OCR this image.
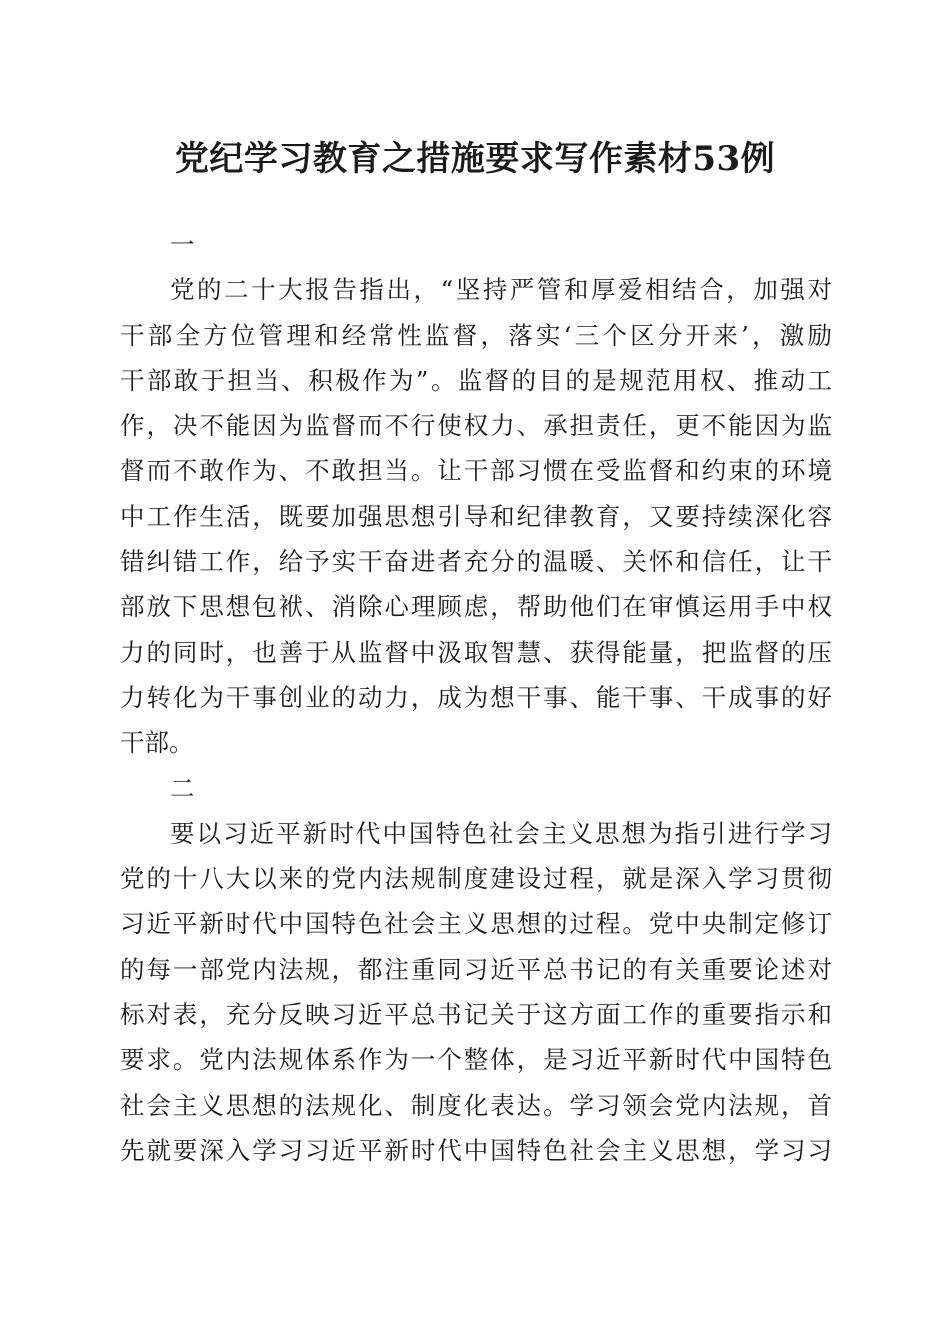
党纪学习教育之措施要求写作素材53例
一
党的二十大报告指出，“坚持严管和厚爱相结合，加强对
干部全方位管理和经常性监督，落实‘三个区分开来’，激励
干部敢于担当、积极作为”。监督的目的是规范用权、推动工
作，决不能因为监督而不行使权力、承担责任，更不能因为监
督而不敢作为、不敢担当。让干部习惯在受监督和约束的环境
中工作生活，既要加强思想引导和纪律教育，又要持续深化容
错纠错工作，给予实干奋进者充分的温暖、关怀和信任，让干
部放下思想包袱、消除心理顾虑，帮助他们在审慎运用手中权
力的同时，也善于从监督中汲取智慧、获得能量，把监督的压
力转化为干事创业的动力，成为想干事、能干事、干成事的好
干部。
二
要以习近平新时代中国特色社会主义思想为指引进行学习
党的十八大以来的党内法规制度建设过程，就是深入学习贯彻
习近平新时代中国特色社会主义思想的过程。党中央制定修订
的每一部党内法规，都注重同习近平总书记的有关重要论述对
标对表，充分反映习近平总书记关于这方面工作的重要指示和
要求。党内法规体系作为一个整体，是习近平新时代中国特色
社会主义思想的法规化、制度化表达。学习领会党内法规，首
先就要深入学习习近平新时代中国特色社会主义思想，学习习
